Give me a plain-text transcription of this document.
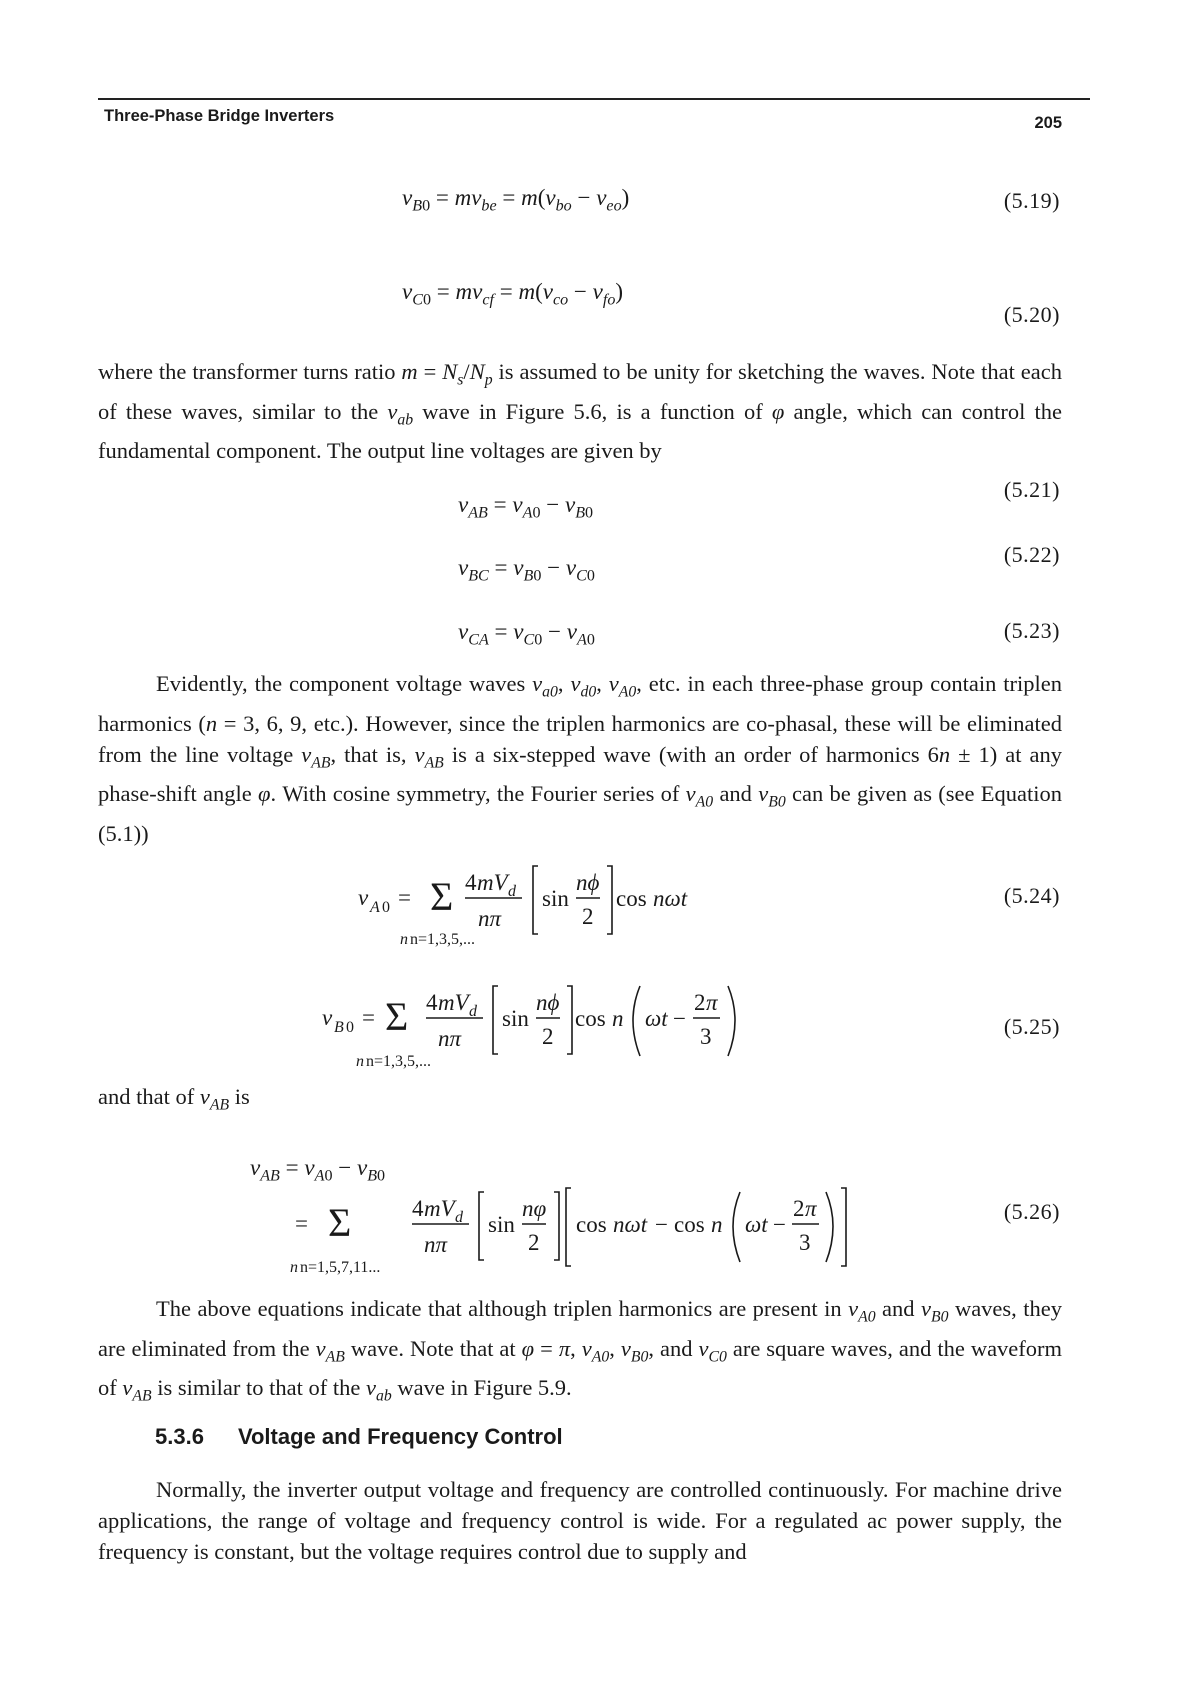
Three-Phase Bridge Inverters	205
$v_{B0} = mv_{be} = m(v_{bo} - v_{eo})$	(5.19)
$v_{C0} = mv_{cf} = m(v_{co} - v_{fo})$
(5.20)
where the transformer turns ratio $m = N_s/N_p$ is assumed to be unity for sketching the waves. Note that each of these waves, similar to the $v_{ab}$ wave in Figure 5.6, is a function of φ angle, which can control the fundamental component. The output line voltages are given by
$v_{AB} = v_{A0} - v_{B0}$
(5.21)
$v_{BC} = v_{B0} - v_{C0}$
(5.22)
$v_{CA} = v_{C0} - v_{A0}$	(5.23)
Evidently, the component voltage waves $v_{a0}$, $v_{d0}$, $v_{A0}$, etc. in each three-phase group contain triplen harmonics (n = 3, 6, 9, etc.). However, since the triplen harmonics are co-phasal, these will be eliminated from the line voltage $v_{AB}$, that is, $v_{AB}$ is a six-stepped wave (with an order of harmonics 6n ± 1) at any phase-shift angle φ. With cosine symmetry, the Fourier series of $v_{A0}$ and $v_{B0}$ can be given as (see Equation (5.1))
v A 0 = Σ 4 mV d
nπ
sin
nϕ
2
cos nωt
n n=1,3,5,...
(5.24)
v B 0 = Σ 4 mV d
nπ
sin
nϕ
2
cos n ωt −
2 π
3
n n=1,3,5,...
(5.25)
and that of $v_{AB}$ is
$v_{AB} = v_{A0} - v_{B0}$
= Σ	4 mV d
nπ
sin
nφ
2
cos nωt − cos n ωt −
2 π
3
n n=1,5,7,11...
(5.26)
The above equations indicate that although triplen harmonics are present in $v_{A0}$ and $v_{B0}$ waves, they are eliminated from the $v_{AB}$ wave. Note that at φ = π, $v_{A0}$, $v_{B0}$, and $v_{C0}$ are square waves, and the waveform of $v_{AB}$ is similar to that of the $v_{ab}$ wave in Figure 5.9.
5.3.6 Voltage and Frequency Control
Normally, the inverter output voltage and frequency are controlled continuously. For machine drive applications, the range of voltage and frequency control is wide. For a regulated ac power supply, the frequency is constant, but the voltage requires control due to supply and
